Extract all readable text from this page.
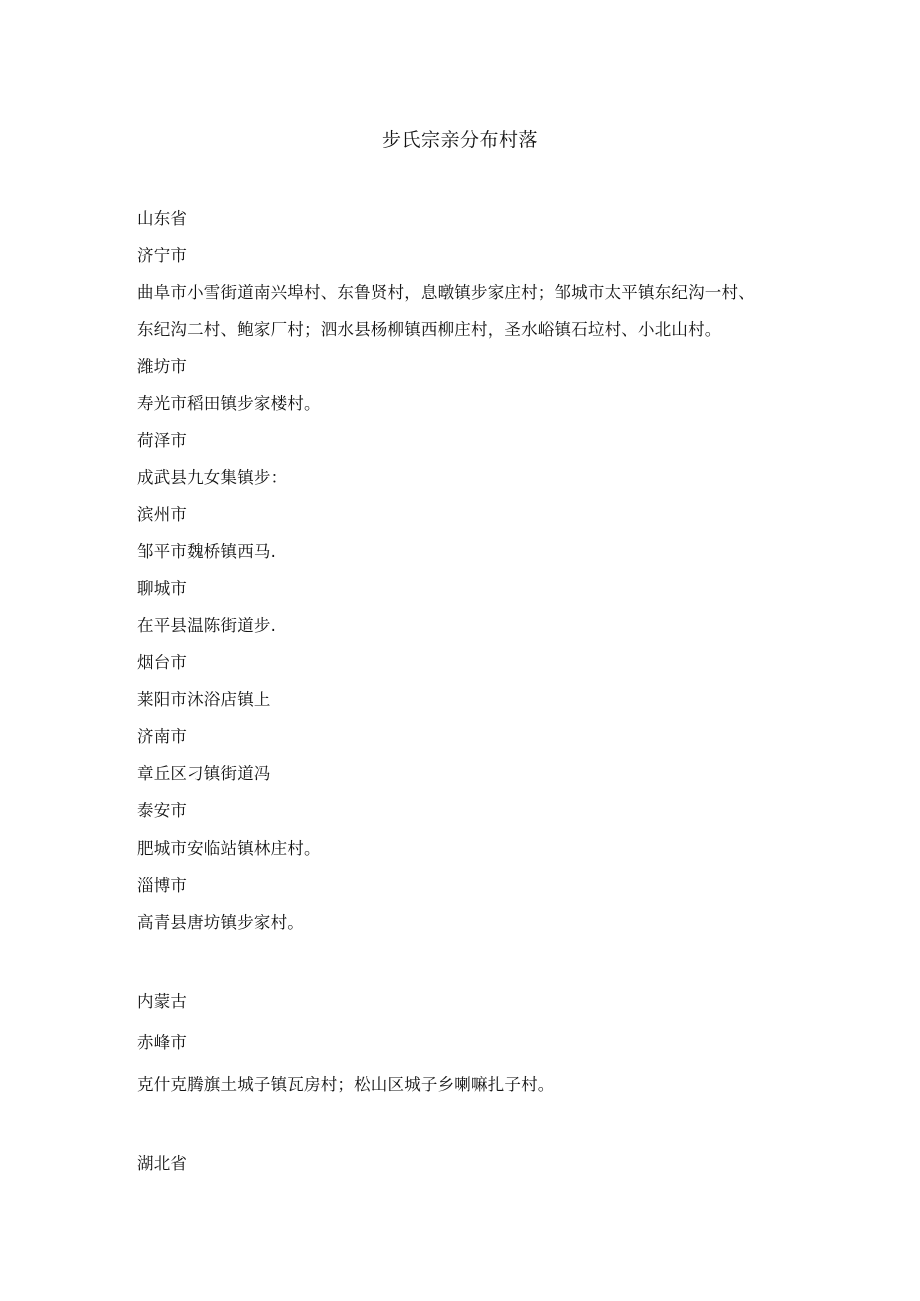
步氏宗亲分布村落
山东省
济宁市
曲阜市小雪街道南兴埠村、东鲁贤村，息暾镇步家庄村；邹城市太平镇东纪沟一村、
东纪沟二村、鲍家厂村；泗水县杨柳镇西柳庄村，圣水峪镇石垃村、小北山村。
潍坊市
寿光市稻田镇步家楼村。
荷泽市
成武县九女集镇步：
滨州市
邹平市魏桥镇西马.
聊城市
在平县温陈街道步.
烟台市
莱阳市沐浴店镇上
济南市
章丘区刁镇街道冯
泰安市
肥城市安临站镇林庄村。
淄博市
高青县唐坊镇步家村。
内蒙古
赤峰市
克什克腾旗土城子镇瓦房村；松山区城子乡喇嘛扎子村。
湖北省
